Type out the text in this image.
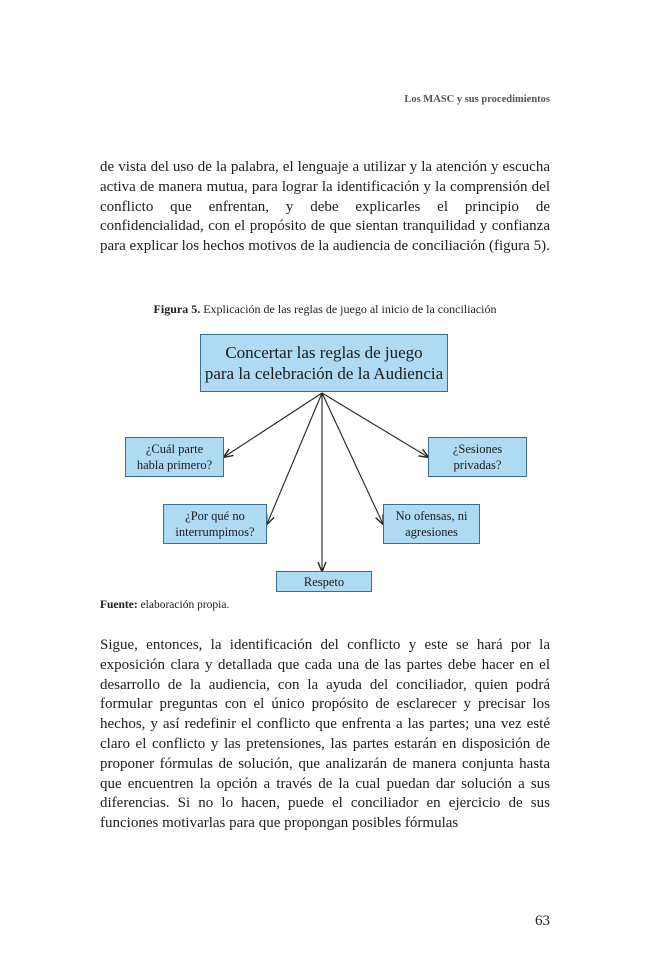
Los MASC y sus procedimientos

de vista del uso de la palabra, el lenguaje a utilizar y la atención y escucha activa de manera mutua, para lograr la identificación y la comprensión del conflicto que enfrentan, y debe explicarles el principio de confidencialidad, con el propósito de que sientan tranquilidad y confianza para explicar los hechos motivos de la audiencia de conciliación (figura 5).

Figura 5. Explicación de las reglas de juego al inicio de la conciliación
Concertar las reglas de juego
para la celebración de la Audiencia
¿Cuál parte
habla primero?
¿Sesiones
privadas?
¿Por qué no
interrumpimos?
No ofensas, ni
agresiones
Respeto
Fuente: elaboración propia.

Sigue, entonces, la identificación del conflicto y este se hará por la exposición clara y detallada que cada una de las partes debe hacer en el desarrollo de la audiencia, con la ayuda del conciliador, quien podrá formular preguntas con el único propósito de esclarecer y precisar los hechos, y así redefinir el conflicto que enfrenta a las partes; una vez esté claro el conflicto y las pretensiones, las partes estarán en disposición de proponer fórmulas de solución, que analizarán de manera conjunta hasta que encuentren la opción a través de la cual puedan dar solución a sus diferencias. Si no lo hacen, puede el conciliador en ejercicio de sus funciones motivarlas para que propongan posibles fórmulas

63
